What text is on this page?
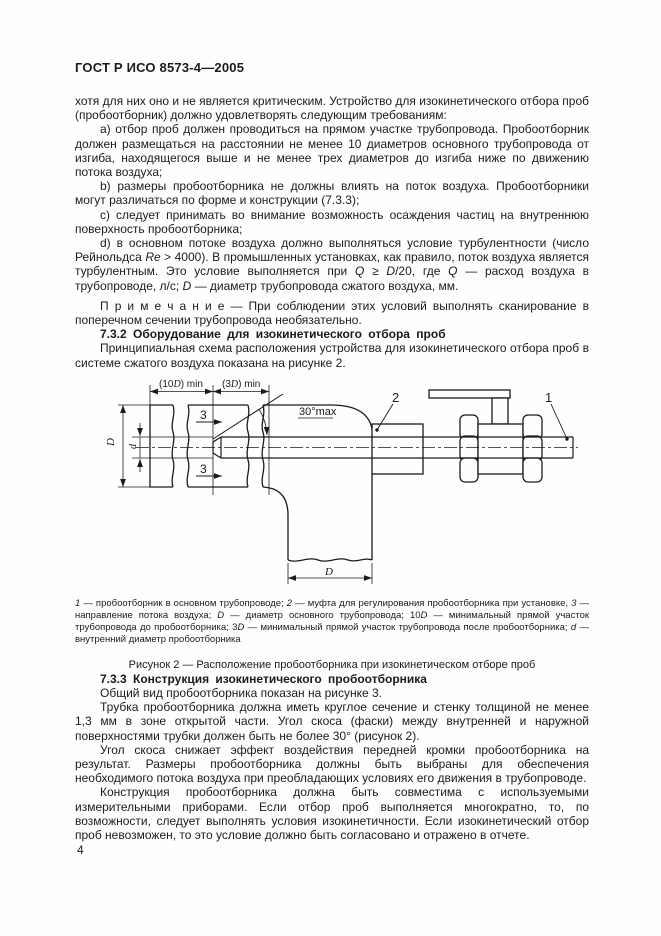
ГОСТ Р ИСО 8573-4—2005

хотя для них оно и не является критическим. Устройство для изокинетического отбора проб (пробоотборник) должно удовлетворять следующим требованиям:

a) отбор проб должен проводиться на прямом участке трубопровода. Пробоотборник должен размещаться на расстоянии не менее 10 диаметров основного трубопровода от изгиба, находящегося выше и не менее трех диаметров до изгиба ниже по движению потока воздуха;

b) размеры пробоотборника не должны влиять на поток воздуха. Пробоотборники могут различаться по форме и конструкции (7.3.3);

c) следует принимать во внимание возможность осаждения частиц на внутреннюю поверхность пробоотборника;

d) в основном потоке воздуха должно выполняться условие турбулентности (число Рейнольдса Re > 4000). В промышленных установках, как правило, поток воздуха является турбулентным. Это условие выполняется при Q ≥ D/20, где Q — расход воздуха в трубопроводе, л/с; D — диаметр трубопровода сжатого воздуха, мм.

П р и м е ч а н и е — При соблюдении этих условий выполнять сканирование в поперечном сечении трубопровода необязательно.

7.3.2 Оборудование для изокинетического отбора проб

Принципиальная схема расположения устройства для изокинетического отбора проб в системе сжатого воздуха показана на рисунке 2.

(10D) min (3D) min
30°max
3
3
2	1
D
d
D
1 — пробоотборник в основном трубопроводе; 2 — муфта для регулирования пробоотборника при установке, 3 — направление потока воздуха; D — диаметр основного трубопровода; 10D — минимальный прямой участок трубопровода до пробоотборника; 3D — минимальный прямой участок трубопровода после пробоотборника; d — внутренний диаметр пробоотборника
Рисунок 2 — Расположение пробоотборника при изокинетическом отборе проб

7.3.3 Конструкция изокинетического пробоотборника

Общий вид пробоотборника показан на рисунке 3.

Трубка пробоотборника должна иметь круглое сечение и стенку толщиной не менее 1,3 мм в зоне открытой части. Угол скоса (фаски) между внутренней и наружной поверхностями трубки должен быть не более 30° (рисунок 2).

Угол скоса снижает эффект воздействия передней кромки пробоотборника на результат. Размеры пробоотборника должны быть выбраны для обеспечения необходимого потока воздуха при преобладающих условиях его движения в трубопроводе.

Конструкция пробоотборника должна быть совместима с используемыми измерительными приборами. Если отбор проб выполняется многократно, то, по возможности, следует выполнять условия изокинетичности. Если изокинетический отбор проб невозможен, то это условие должно быть согласовано и отражено в отчете.

4
